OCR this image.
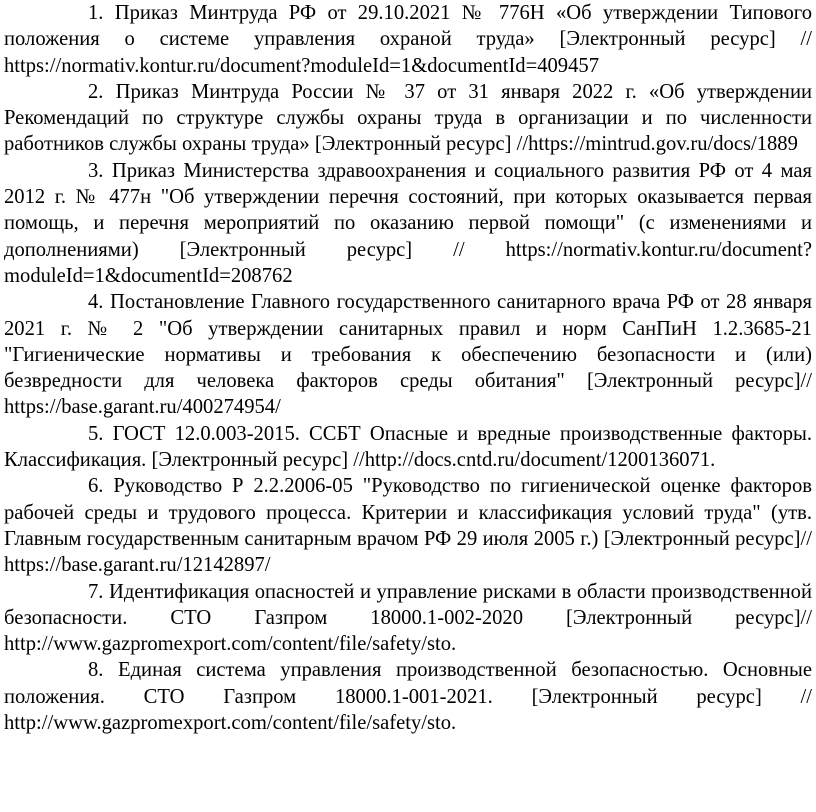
1. Приказ Минтруда РФ от 29.10.2021 № 776Н «Об утверждении Типового положения о системе управления охраной труда» [Электронный ресурс] // https://normativ.kontur.ru/document?moduleId=1&documentId=409457

2. Приказ Минтруда России № 37 от 31 января 2022 г. «Об утверждении Рекомендаций по структуре службы охраны труда в организации и по численности работников службы охраны труда» [Электронный ресурс] //https://mintrud.gov.ru/docs/1889

3. Приказ Министерства здравоохранения и социального развития РФ от 4 мая 2012 г. № 477н "Об утверждении перечня состояний, при которых оказывается первая помощь, и перечня мероприятий по оказанию первой помощи" (с изменениями и дополнениями) [Электронный ресурс] // https://normativ.kontur.ru/document?moduleId=1&documentId=208762

4. Постановление Главного государственного санитарного врача РФ от 28 января 2021 г. № 2 "Об утверждении санитарных правил и норм СанПиН 1.2.3685-21 "Гигиенические нормативы и требования к обеспечению безопасности и (или) безвредности для человека факторов среды обитания" [Электронный ресурс]// https://base.garant.ru/400274954/

5. ГОСТ 12.0.003-2015. ССБТ Опасные и вредные производственные факторы. Классификация. [Электронный ресурс] //http://docs.cntd.ru/document/1200136071.

6. Руководство Р 2.2.2006-05 "Руководство по гигиенической оценке факторов рабочей среды и трудового процесса. Критерии и классификация условий труда" (утв. Главным государственным санитарным врачом РФ 29 июля 2005 г.) [Электронный ресурс]// https://base.garant.ru/12142897/

7. Идентификация опасностей и управление рисками в области производственной безопасности. СТО Газпром 18000.1-002-2020 [Электронный ресурс]// http://www.gazpromexport.com/content/file/safety/sto.

8. Единая система управления производственной безопасностью. Основные положения. СТО Газпром 18000.1-001-2021. [Электронный ресурс] // http://www.gazpromexport.com/content/file/safety/sto.
